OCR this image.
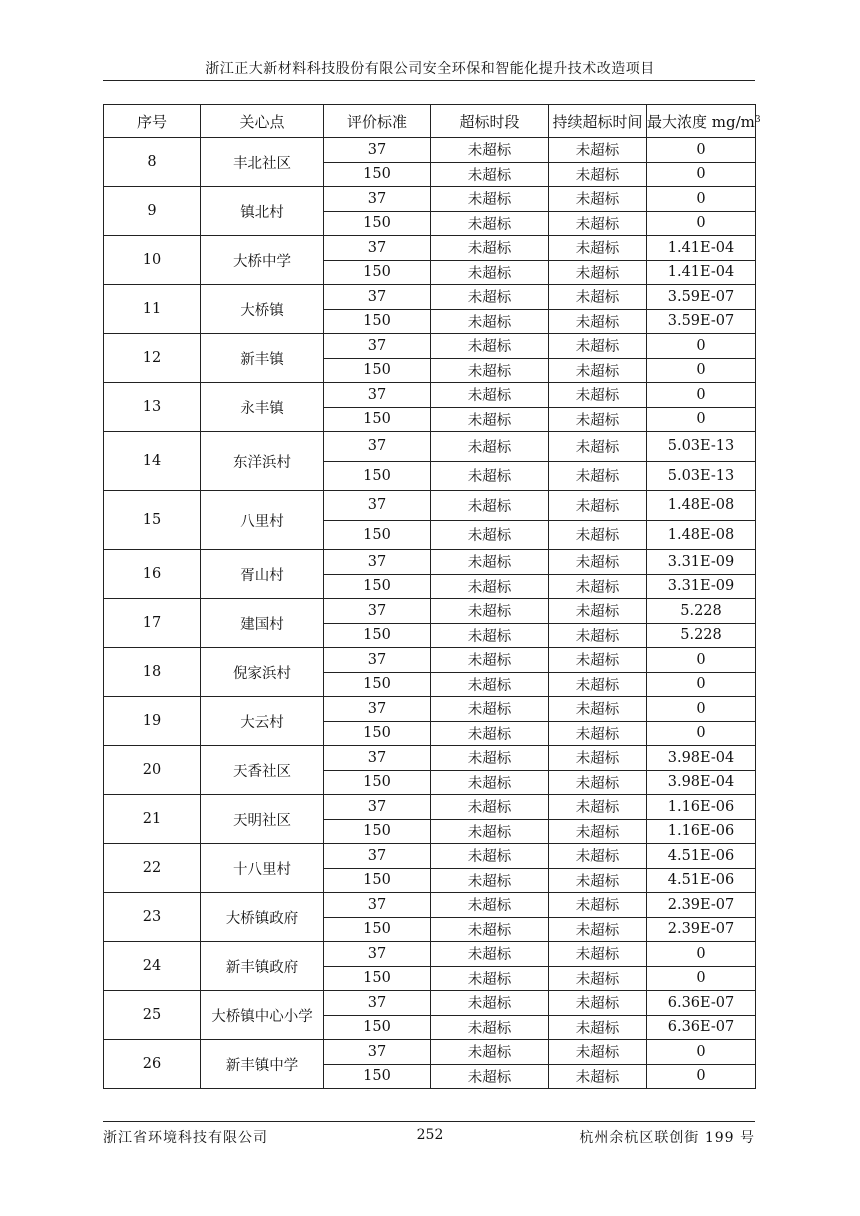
浙江正大新材料科技股份有限公司安全环保和智能化提升技术改造项目
序号	关心点	评价标准	超标时段	持续超标时间	最大浓度 $mg/m^3$
8	丰北社区	37	未超标	未超标	0
		150	未超标	未超标	0
9	镇北村	37	未超标	未超标	0
		150	未超标	未超标	0
10	大桥中学	37	未超标	未超标	1.41E-04
		150	未超标	未超标	1.41E-04
11	大桥镇	37	未超标	未超标	3.59E-07
		150	未超标	未超标	3.59E-07
12	新丰镇	37	未超标	未超标	0
		150	未超标	未超标	0
13	永丰镇	37	未超标	未超标	0
		150	未超标	未超标	0
14	东洋浜村	37	未超标	未超标	5.03E-13
		150	未超标	未超标	5.03E-13
15	八里村	37	未超标	未超标	1.48E-08
		150	未超标	未超标	1.48E-08
16	胥山村	37	未超标	未超标	3.31E-09
		150	未超标	未超标	3.31E-09
17	建国村	37	未超标	未超标	5.228
		150	未超标	未超标	5.228
18	倪家浜村	37	未超标	未超标	0
		150	未超标	未超标	0
19	大云村	37	未超标	未超标	0
		150	未超标	未超标	0
20	天香社区	37	未超标	未超标	3.98E-04
		150	未超标	未超标	3.98E-04
21	天明社区	37	未超标	未超标	1.16E-06
		150	未超标	未超标	1.16E-06
22	十八里村	37	未超标	未超标	4.51E-06
		150	未超标	未超标	4.51E-06
23	大桥镇政府	37	未超标	未超标	2.39E-07
		150	未超标	未超标	2.39E-07
24	新丰镇政府	37	未超标	未超标	0
		150	未超标	未超标	0
25	大桥镇中心小学	37	未超标	未超标	6.36E-07
		150	未超标	未超标	6.36E-07
26	新丰镇中学	37	未超标	未超标	0
		150	未超标	未超标	0
浙江省环境科技有限公司	252	杭州余杭区联创街 199 号
